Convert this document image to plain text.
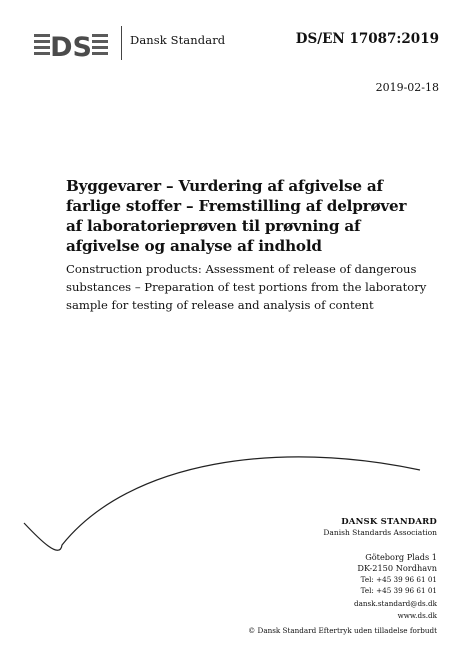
DS	Dansk Standard	DS/EN 17087:2019
2019-02-18
Byggevarer – Vurdering af afgivelse af farlige stoffer – Fremstilling af delprøver af laboratorieprøven til prøvning af afgivelse og analyse af indhold
Construction products: Assessment of release of dangerous substances – Preparation of test portions from the laboratory sample for testing of release and analysis of content
DANSK STANDARD
Danish Standards Association
Göteborg Plads 1
DK-2150 Nordhavn
Tel: +45 39 96 61 01
Tel: +45 39 96 61 01
dansk.standard@ds.dk
www.ds.dk
© Dansk Standard Eftertryk uden tilladelse forbudt
